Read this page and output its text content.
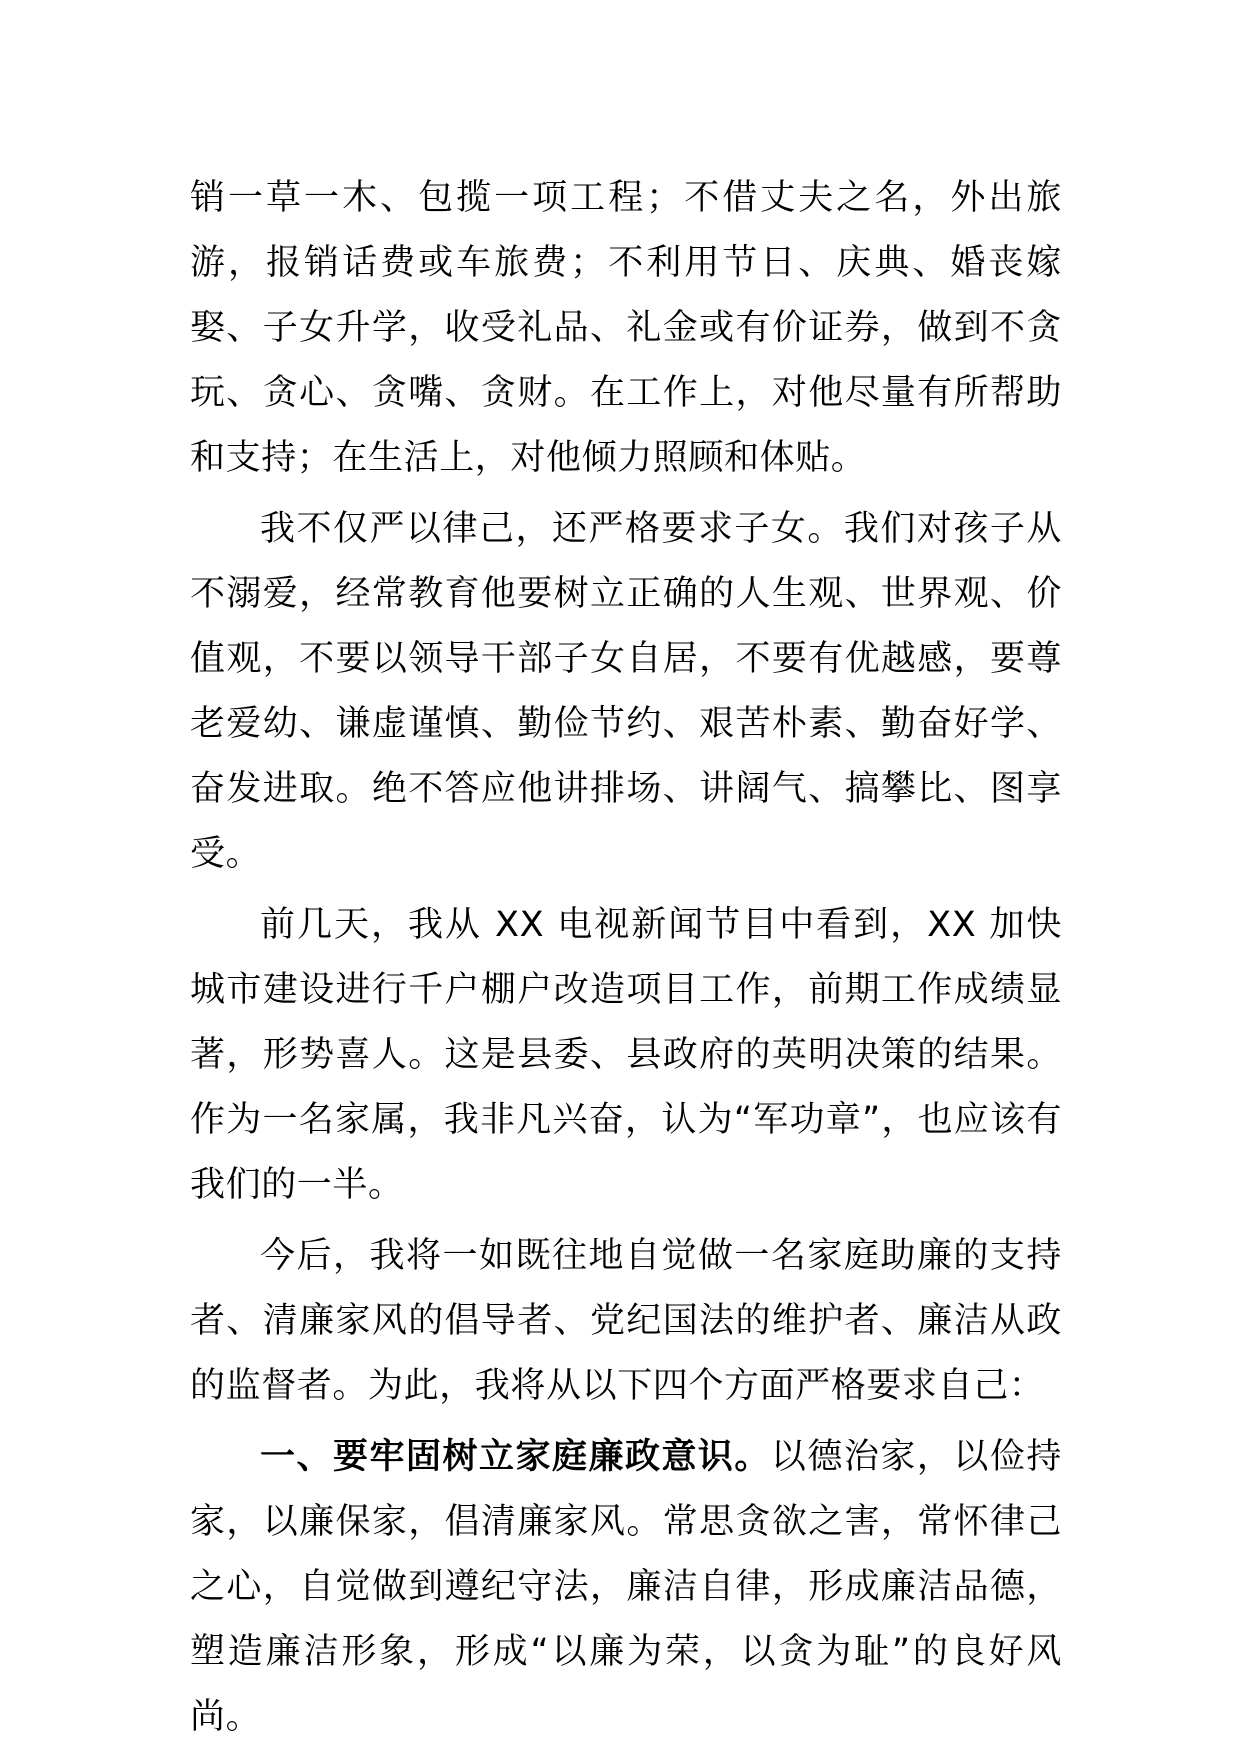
销一草一木、包揽一项工程；不借丈夫之名，外出旅游，报销话费或车旅费；不利用节日、庆典、婚丧嫁娶、子女升学，收受礼品、礼金或有价证券，做到不贪玩、贪心、贪嘴、贪财。在工作上，对他尽量有所帮助和支持；在生活上，对他倾力照顾和体贴。

我不仅严以律己，还严格要求子女。我们对孩子从不溺爱，经常教育他要树立正确的人生观、世界观、价值观，不要以领导干部子女自居，不要有优越感，要尊老爱幼、谦虚谨慎、勤俭节约、艰苦朴素、勤奋好学、奋发进取。绝不答应他讲排场、讲阔气、搞攀比、图享受。

前几天，我从 XX 电视新闻节目中看到，XX 加快城市建设进行千户棚户改造项目工作，前期工作成绩显著，形势喜人。这是县委、县政府的英明决策的结果。作为一名家属，我非凡兴奋，认为“军功章”，也应该有我们的一半。

今后，我将一如既往地自觉做一名家庭助廉的支持者、清廉家风的倡导者、党纪国法的维护者、廉洁从政的监督者。为此，我将从以下四个方面严格要求自己：

一、要牢固树立家庭廉政意识。以德治家，以俭持家，以廉保家，倡清廉家风。常思贪欲之害，常怀律己之心，自觉做到遵纪守法，廉洁自律，形成廉洁品德，塑造廉洁形象，形成“以廉为荣，以贪为耻”的良好风尚。
